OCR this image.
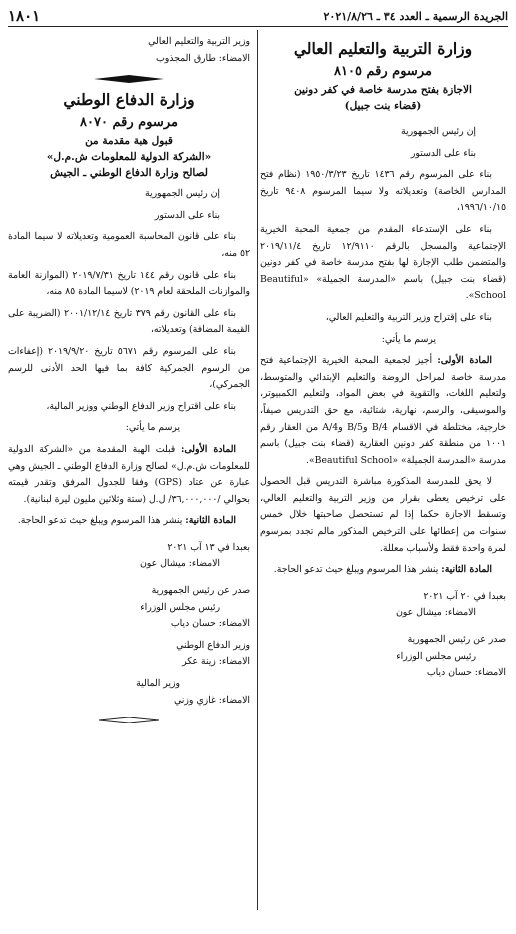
الجريدة الرسمية ـ العدد ٣٤ ـ ٢٠٢١/٨/٢٦
١٨٠١
وزارة التربية والتعليم العالي
مرسوم رقم ٨١٠٥
الاجازة بفتح مدرسة خاصة في كفر دونين
(قضاء بنت جبيل)

إن رئيس الجمهورية

بناء على الدستور

بناء على المرسوم رقم ١٤٣٦ تاريخ ١٩٥٠/٣/٢٣ (نظام فتح المدارس الخاصة) وتعديلاته ولا سيما المرسوم ٩٤٠٨ تاريخ ١٩٩٦/١٠/١٥،

بناء على الإستدعاء المقدم من جمعية المحبة الخيرية الإجتماعية والمسجل بالرقم ١٢/٩١١٠ تاريخ ٢٠١٩/١١/٤ والمتضمن طلب الإجازة لها بفتح مدرسة خاصة في كفر دونين (قضاء بنت جبيل) باسم «المدرسة الجميلة» «Beautiful School».

بناء على إقتراح وزير التربية والتعليم العالي،

يرسم ما يأتي:

المادة الأولى: أجيز لجمعية المحبة الخيرية الإجتماعية فتح مدرسة خاصة لمراحل الروضة والتعليم الإبتدائي والمتوسط، ولتعليم اللغات، والتقوية في بعض المواد، ولتعليم الكمبيوتر، والموسيقى، والرسم، نهارية، شتائية، مع حق التدريس صيفاً، خارجية، مختلطة في الاقسام B/4 وB/5 وA/4 من العقار رقم ١٠٠١ من منطقة كفر دونين العقارية (قضاء بنت جبيل) باسم مدرسة «المدرسة الجميلة» «Beautiful School».

لا يحق للمدرسة المذكورة مباشرة التدريس قبل الحصول على ترخيص يعطى بقرار من وزير التربية والتعليم العالي، وتسقط الاجازة حكما إذا لم تستحصل صاحبتها خلال خمس سنوات من إعطائها على الترخيص المذكور مالم تجدد بمرسوم لمرة واحدة فقط ولأسباب معللة.

المادة الثانية: ينشر هذا المرسوم ويبلغ حيث تدعو الحاجة.

بعبدا في ٢٠ آب ٢٠٢١

الامضاء: ميشال عون

صدر عن رئيس الجمهورية

رئيس مجلس الوزراء

الامضاء: حسان دياب

وزير التربية والتعليم العالي

الامضاء: طارق المجذوب

وزارة الدفاع الوطني
مرسوم رقم ٨٠٧٠
قبول هبة مقدمة من
«الشركة الدولية للمعلومات ش.م.ل»
لصالح وزارة الدفاع الوطني ـ الجيش

إن رئيس الجمهورية

بناء على الدستور

بناء على قانون المحاسبة العمومية وتعديلاته لا سيما المادة ٥٢ منه،

بناء على قانون رقم ١٤٤ تاريخ ٢٠١٩/٧/٣١ (الموازنة العامة والموازنات الملحقة لعام ٢٠١٩) لاسيما المادة ٨٥ منه،

بناء على القانون رقم ٣٧٩ تاريخ ٢٠٠١/١٢/١٤ (الضريبة على القيمة المضافة) وتعديلاته،

بناء على المرسوم رقم ٥٦٧١ تاريخ ٢٠١٩/٩/٢٠ (إعفاءات من الرسوم الجمركية كافة بما فيها الحد الأدنى للرسم الجمركي)،

بناء على اقتراح وزير الدفاع الوطني ووزير المالية،

يرسم ما يأتي:

المادة الأولى: قبلت الهبة المقدمة من «الشركة الدولية للمعلومات ش.م.ل» لصالح وزارة الدفاع الوطني ـ الجيش وهي عبارة عن عتاد (GPS) وفقا للجدول المرفق وتقدر قيمته بحوالي /٣٦,٠٠٠,٠٠٠/ ل.ل (ستة وثلاثين مليون ليرة لبنانية).

المادة الثانية: ينشر هذا المرسوم ويبلغ حيث تدعو الحاجة.

بعبدا في ١٣ آب ٢٠٢١

الامضاء: ميشال عون

صدر عن رئيس الجمهورية

رئيس مجلس الوزراء

الامضاء: حسان دياب

وزير الدفاع الوطني

الامضاء: زينة عكر

وزير المالية

الامضاء: غازي وزني
